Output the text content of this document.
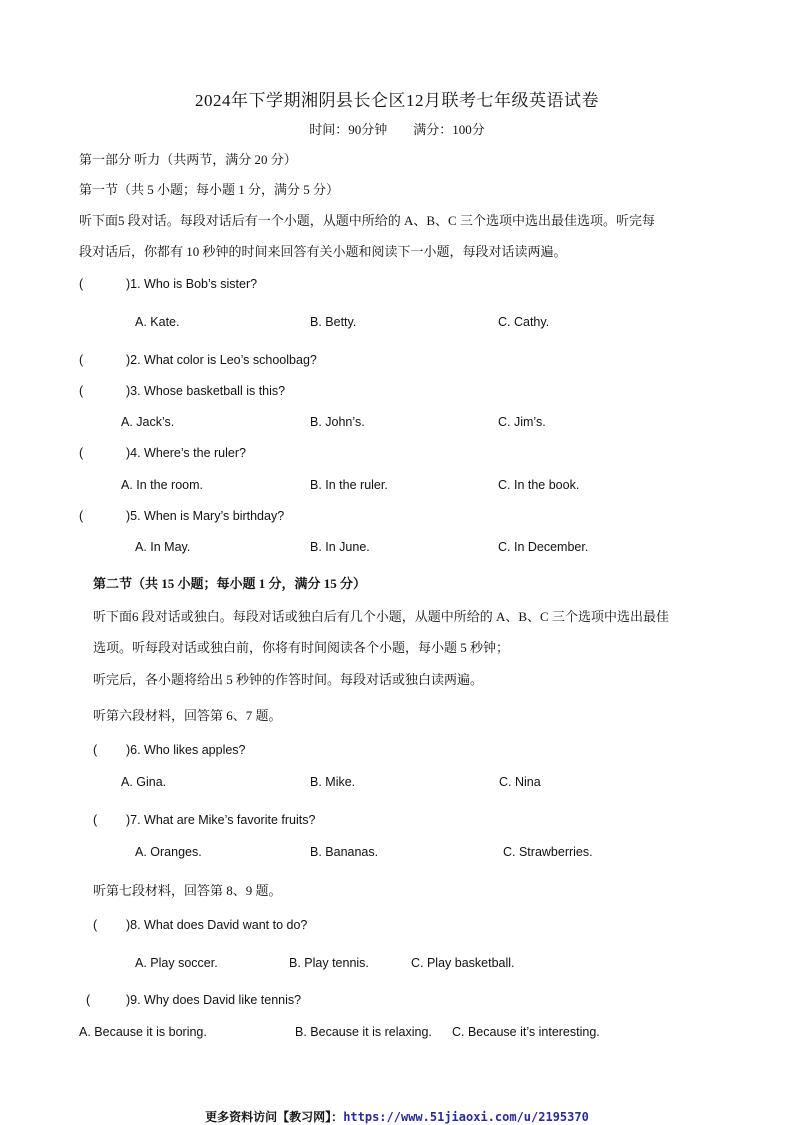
2024年下学期湘阴县长仑区12月联考七年级英语试卷
时间：90分钟　　满分：100分
第一部分 听力（共两节，满分 20 分）
第一节（共 5 小题；每小题 1 分，满分 5 分）
听下面5 段对话。每段对话后有一个小题，从题中所给的 A、B、C 三个选项中选出最佳选项。听完每
段对话后，你都有 10 秒钟的时间来回答有关小题和阅读下一小题，每段对话读两遍。
(	)1. Who is Bob’s sister?
A. Kate.	B. Betty.	C. Cathy.
(	)2. What color is Leo’s schoolbag?
(	)3. Whose basketball is this?
A. Jack’s.	B. John’s.	C. Jim’s.
(	)4. Where’s the ruler?
A. In the room.	B. In the ruler.	C. In the book.
(	)5. When is Mary’s birthday?
A. In May.	B. In June.	C. In December.
第二节（共 15 小题；每小题 1 分，满分 15 分）
听下面6 段对话或独白。每段对话或独白后有几个小题，从题中所给的 A、B、C 三个选项中选出最佳
选项。听每段对话或独白前，你将有时间阅读各个小题，每小题 5 秒钟；
听完后，各小题将给出 5 秒钟的作答时间。每段对话或独白读两遍。
听第六段材料，回答第 6、7 题。
( )6. Who likes apples?
A. Gina.	B. Mike.	C. Nina
( )7. What are Mike’s favorite fruits?
A. Oranges.	B. Bananas.	C. Strawberries.
听第七段材料，回答第 8、9 题。
( )8. What does David want to do?
A. Play soccer.	B. Play tennis.	C. Play basketball.
(	)9. Why does David like tennis?
A. Because it is boring.	B. Because it is relaxing. C. Because it’s interesting.
更多资料访问【教习网】：https://www.51jiaoxi.com/u/2195370
